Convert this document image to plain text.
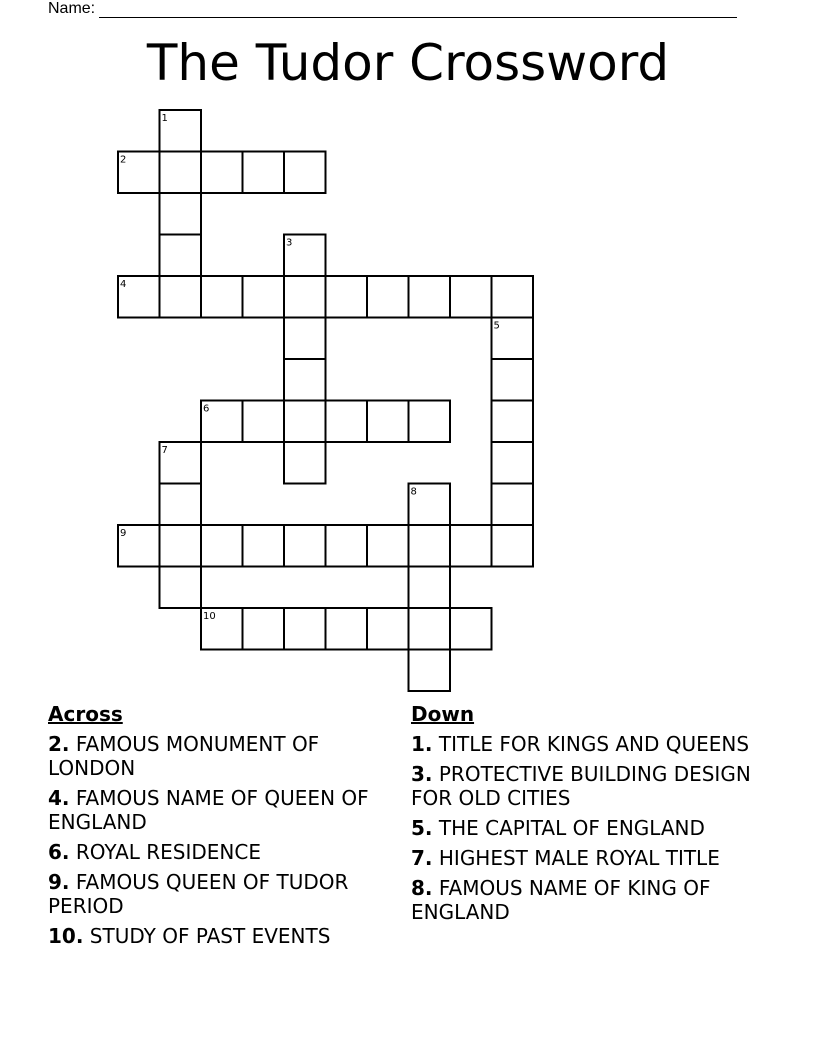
Name:
The Tudor Crossword
1
2
3
4
5
6
7
8
9
10
Across
2. FAMOUS MONUMENT OF LONDON
4. FAMOUS NAME OF QUEEN OF ENGLAND
6. ROYAL RESIDENCE
9. FAMOUS QUEEN OF TUDOR PERIOD
10. STUDY OF PAST EVENTS
Down
1. TITLE FOR KINGS AND QUEENS
3. PROTECTIVE BUILDING DESIGN FOR OLD CITIES
5. THE CAPITAL OF ENGLAND
7. HIGHEST MALE ROYAL TITLE
8. FAMOUS NAME OF KING OF ENGLAND
